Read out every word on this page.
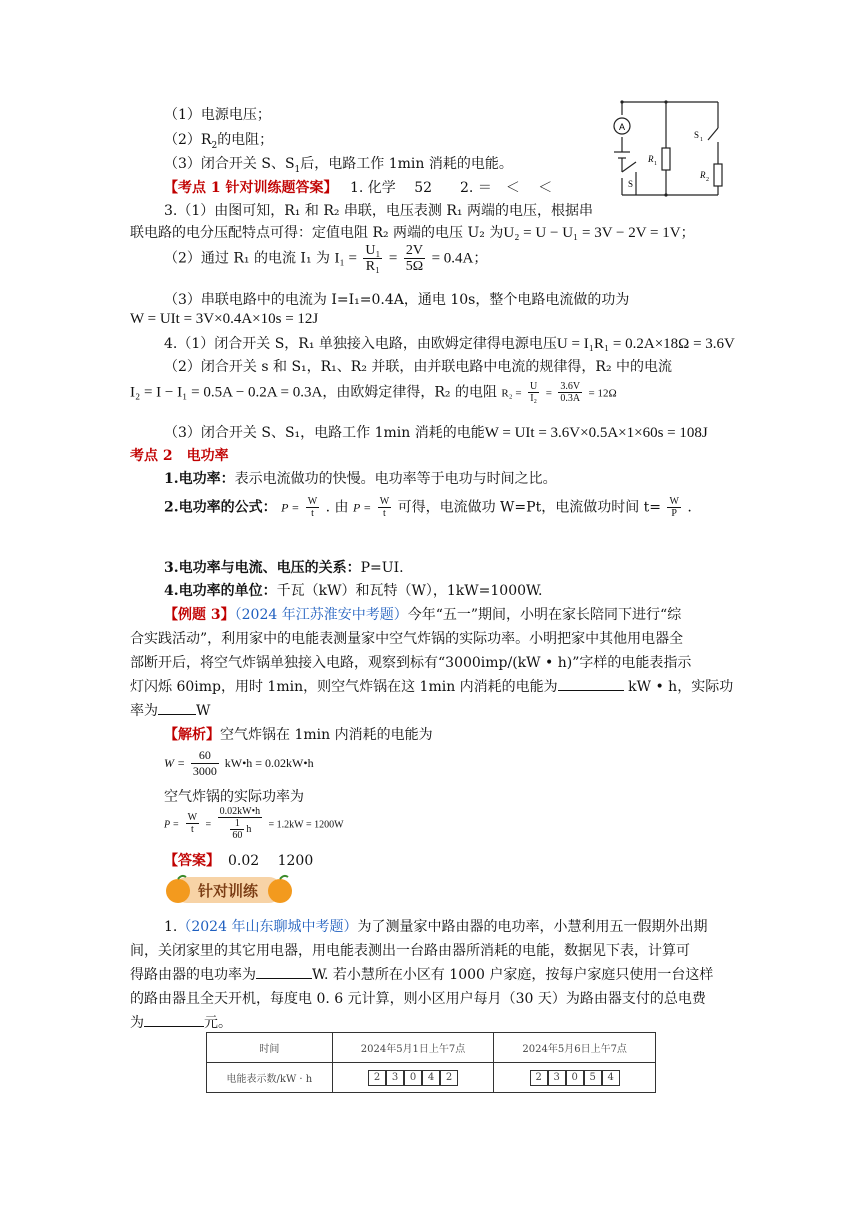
（1）电源电压；
$(2)R_2$的电阻；
（3）闭合开关 S、$S_1$后，电路工作 1min 消耗的电能。
【考点 1 针对训练题答案】 1. 化学　 52　　2. ＝　＜　 ＜
A
S 1
R 1
R 2
S
3.（1）由图可知，R₁ 和 R₂ 串联，电压表测 R₁ 两端的电压，根据串
联电路的电分压配特点可得：定值电阻 R₂ 两端的电压 U₂ 为U₂ = U − U₁ = 3V − 2V = 1V；
（2）通过 R₁ 的电流 I₁ 为 $I_1 = \frac{\text{U₁}}{\text{R₁}} = \frac{2V}{5\Omega} = 0.4A$；
（3）串联电路中的电流为 I=I₁=0.4A，通电 10s，整个电路电流做的功为
W = UIt = 3V×0.4A×10s = 12J
4.（1）闭合开关 S，R₁ 单独接入电路，由欧姆定律得电源电压U = I₁R₁ = 0.2A×18Ω = 3.6V
（2）闭合开关 s 和 S₁，R₁、R₂ 并联，由并联电路中电流的规律得，R₂ 中的电流
I₂ = I − I₁ = 0.5A − 0.2A = 0.3A，由欧姆定律得，R₂ 的电阻 $R_2 = \frac{U}{\text{I₂}} = \frac{3.6V}{0.3A} = 12\Omega$
（3）闭合开关 S、S₁，电路工作 1min 消耗的电能W = UIt = 3.6V×0.5A×1×60s = 108J
考点 2　电功率
1.电功率：表示电流做功的快慢。电功率等于电功与时间之比。
2.电功率的公式： $P = \frac{W}{t}$ . 由 $P = \frac{W}{t}$ 可得，电流做功 W=Pt，电流做功时间 $t= \frac{W}{P}$ .
3.电功率与电流、电压的关系：P=UI.
4.电功率的单位：千瓦（kW）和瓦特（W），1kW=1000W.
【例题 3】（2024 年江苏淮安中考题）今年“五一”期间，小明在家长陪同下进行“综
合实践活动”，利用家中的电能表测量家中空气炸锅的实际功率。小明把家中其他用电器全
部断开后，将空气炸锅单独接入电路，观察到标有“3000imp/(kW • h)”字样的电能表指示
灯闪烁 60imp，用时 1min，则空气炸锅在这 1min 内消耗的电能为	kW • h，实际功
率为	W
【解析】空气炸锅在 1min 内消耗的电能为
$W = \frac{60}{3000}$ kW•h = 0.02kW•h
空气炸锅的实际功率为
$P = \frac{W}{t} = \frac{0.02kW•h}{\frac{1}{60} h} = 1.2kW = 1200W$
【答案】 0.02　 1200
针对训练
1.（2024 年山东聊城中考题）为了测量家中路由器的电功率，小慧利用五一假期外出期
间，关闭家里的其它用电器，用电能表测出一台路由器所消耗的电能，数据见下表，计算可
得路由器的电功率为	W. 若小慧所在小区有 1000 户家庭，按每户家庭只使用一台这样
的路由器且全天开机，每度电 0. 6 元计算，则小区用户每月（30 天）为路由器支付的总电费
为	元。
时间	2024年5月1日上午7点	2024年5月6日上午7点
电能表示数/kW · h	2 3 0 4 2	2 3 0 5 4
